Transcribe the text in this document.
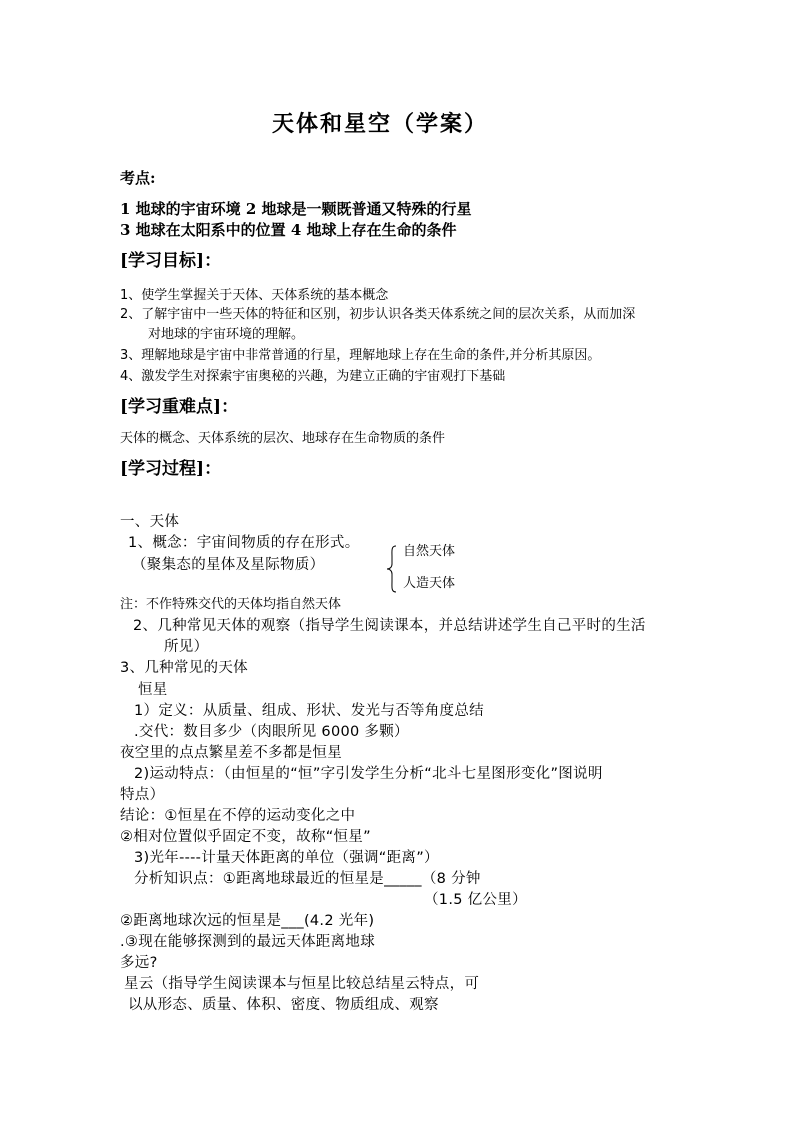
天体和星空（学案）
考点:
1 地球的宇宙环境 2 地球是一颗既普通又特殊的行星
3 地球在太阳系中的位置 4 地球上存在生命的条件
[学习目标]：
1、使学生掌握关于天体、天体系统的基本概念
2、了解宇宙中一些天体的特征和区别，初步认识各类天体系统之间的层次关系，从而加深
对地球的宇宙环境的理解。
3、理解地球是宇宙中非常普通的行星，理解地球上存在生命的条件,并分析其原因。
4、激发学生对探索宇宙奥秘的兴趣，为建立正确的宇宙观打下基础
[学习重难点]：
天体的概念、天体系统的层次、地球存在生命物质的条件
[学习过程]：
一、天体
1、概念：宇宙间物质的存在形式。
（聚集态的星体及星际物质）
自然天体
人造天体
注：不作特殊交代的天体均指自然天体
2、几种常见天体的观察（指导学生阅读课本，并总结讲述学生自己平时的生活
所见）
3、几种常见的天体
恒星
1）定义：从质量、组成、形状、发光与否等角度总结
.交代：数目多少（肉眼所见 6000 多颗）
夜空里的点点繁星差不多都是恒星
2)运动特点：（由恒星的“恒”字引发学生分析“北斗七星图形变化”图说明
特点）
结论：①恒星在不停的运动变化之中
②相对位置似乎固定不变，故称“恒星”
3)光年----计量天体距离的单位（强调“距离”）
分析知识点：①距离地球最近的恒星是_____（8 分钟
（1.5 亿公里）
②距离地球次远的恒星是___(4.2 光年)
.③现在能够探测到的最远天体距离地球
多远?
星云（指导学生阅读课本与恒星比较总结星云特点，可
以从形态、质量、体积、密度、物质组成、观察
